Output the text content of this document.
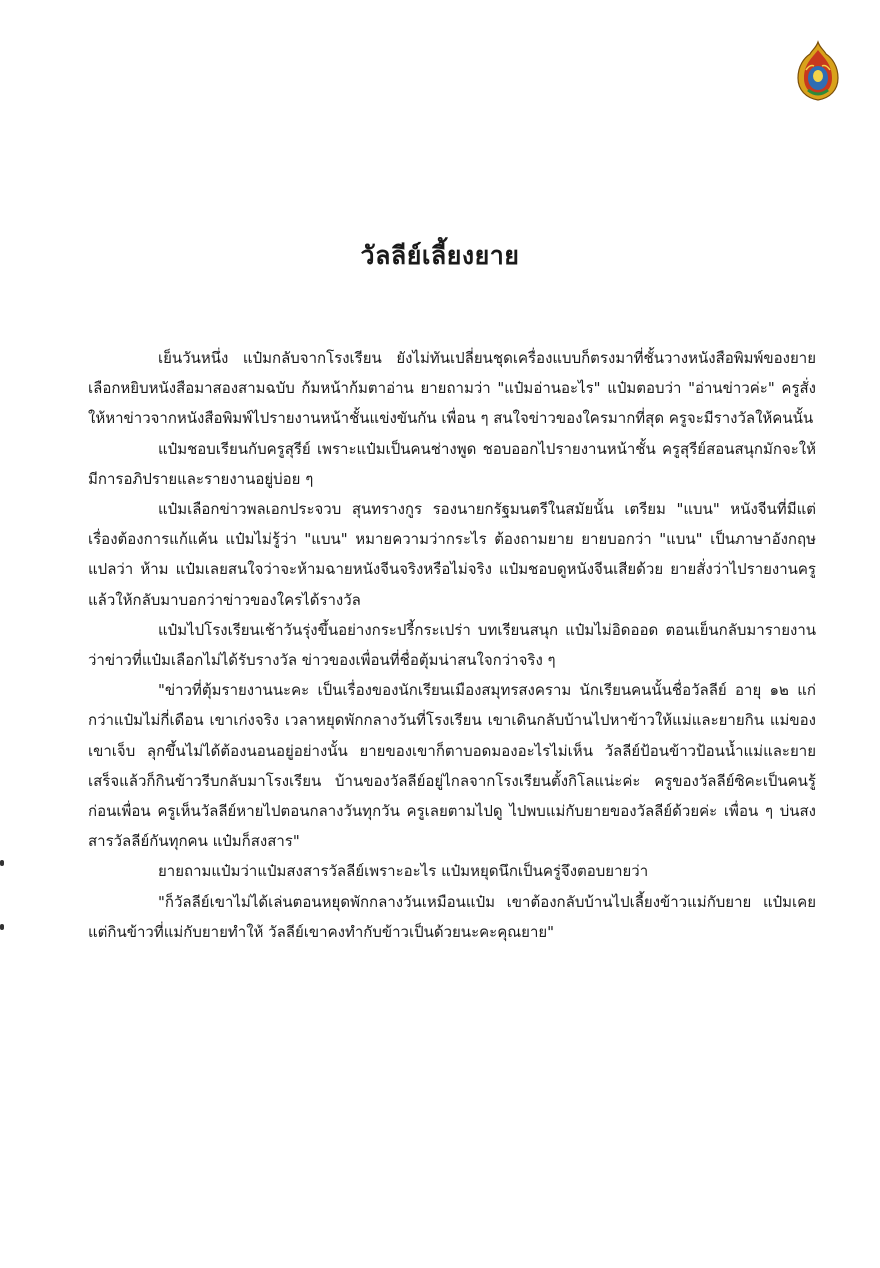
วัลลีย์เลี้ยงยาย

เย็นวันหนึ่ง แป๋มกลับจากโรงเรียน ยังไม่ทันเปลี่ยนชุดเครื่องแบบก็ตรงมาที่ชั้นวางหนังสือพิมพ์ของยาย เลือกหยิบหนังสือมาสองสามฉบับ ก้มหน้าก้มตาอ่าน ยายถามว่า "แป๋มอ่านอะไร" แป๋มตอบว่า "อ่านข่าวค่ะ" ครูสั่งให้หาข่าวจากหนังสือพิมพ์ไปรายงานหน้าชั้นแข่งขันกัน เพื่อน ๆ สนใจข่าวของใครมากที่สุด ครูจะมีรางวัลให้คนนั้น

แป๋มชอบเรียนกับครูสุรีย์ เพราะแป๋มเป็นคนช่างพูด ชอบออกไปรายงานหน้าชั้น ครูสุรีย์สอนสนุกมักจะให้มีการอภิปรายและรายงานอยู่บ่อย ๆ

แป๋มเลือกข่าวพลเอกประจวบ สุนทรางกูร รองนายกรัฐมนตรีในสมัยนั้น เตรียม "แบน" หนังจีนที่มีแต่เรื่องต้องการแก้แค้น แป๋มไม่รู้ว่า "แบน" หมายความว่ากระไร ต้องถามยาย ยายบอกว่า "แบน" เป็นภาษาอังกฤษ แปลว่า ห้าม แป๋มเลยสนใจว่าจะห้ามฉายหนังจีนจริงหรือไม่จริง แป๋มชอบดูหนังจีนเสียด้วย ยายสั่งว่าไปรายงานครูแล้วให้กลับมาบอกว่าข่าวของใครได้รางวัล

แป๋มไปโรงเรียนเช้าวันรุ่งขึ้นอย่างกระปรี้กระเปร่า บทเรียนสนุก แป๋มไม่อิดออด ตอนเย็นกลับมารายงานว่าข่าวที่แป๋มเลือกไม่ได้รับรางวัล ข่าวของเพื่อนที่ชื่อตุ้มน่าสนใจกว่าจริง ๆ

"ข่าวที่ตุ้มรายงานนะคะ เป็นเรื่องของนักเรียนเมืองสมุทรสงคราม นักเรียนคนนั้นชื่อวัลลีย์ อายุ ๑๒ แก่กว่าแป๋มไม่กี่เดือน เขาเก่งจริง เวลาหยุดพักกลางวันที่โรงเรียน เขาเดินกลับบ้านไปหาข้าวให้แม่และยายกิน แม่ของเขาเจ็บ ลุกขึ้นไม่ได้ต้องนอนอยู่อย่างนั้น ยายของเขาก็ตาบอดมองอะไรไม่เห็น วัลลีย์ป้อนข้าวป้อนน้ำแม่และยายเสร็จแล้วก็กินข้าวรีบกลับมาโรงเรียน บ้านของวัลลีย์อยู่ไกลจากโรงเรียนตั้งกิโลแน่ะค่ะ ครูของวัลลีย์ซิคะเป็นคนรู้ก่อนเพื่อน ครูเห็นวัลลีย์หายไปตอนกลางวันทุกวัน ครูเลยตามไปดู ไปพบแม่กับยายของวัลลีย์ด้วยค่ะ เพื่อน ๆ บ่นสงสารวัลลีย์กันทุกคน แป๋มก็สงสาร"

ยายถามแป๋มว่าแป๋มสงสารวัลลีย์เพราะอะไร แป๋มหยุดนึกเป็นครู่จึงตอบยายว่า

"ก็วัลลีย์เขาไม่ได้เล่นตอนหยุดพักกลางวันเหมือนแป๋ม เขาต้องกลับบ้านไปเลี้ยงข้าวแม่กับยาย แป๋มเคยแต่กินข้าวที่แม่กับยายทำให้ วัลลีย์เขาคงทำกับข้าวเป็นด้วยนะคะคุณยาย"
